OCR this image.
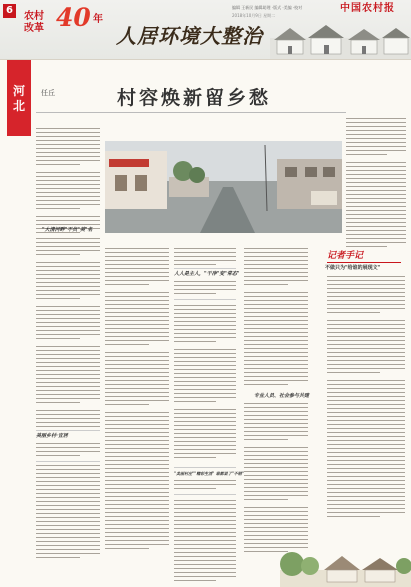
6
农村
改革 40 年
人居环境大整治
编辑 王新民 编辑助理 ·版式 ·美编 ·校对
2018年10月9日 星期二
中国农村报
河
北
任丘	村容焕新留乡愁
"大清河畔"不负"美"名
美丽乡村·宜居
人人是主人，"干净"变"常态"
"美丽村庄""精彩生活" 谁都说了"不错"
专业人员、社会参与共建
记者手记
不做只为"给谁的展现文"
